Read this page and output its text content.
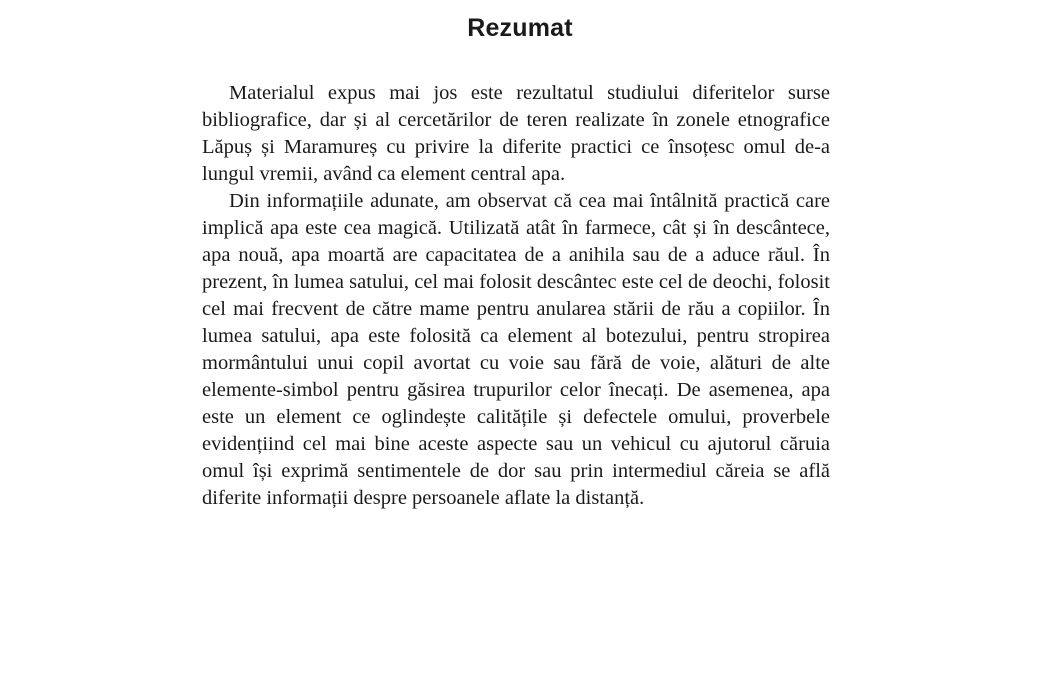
Rezumat

Materialul expus mai jos este rezultatul studiului diferitelor surse bibliografice, dar și al cercetărilor de teren realizate în zonele etnografice Lăpuș și Maramureș cu privire la diferite practici ce însoțesc omul de-a lungul vremii, având ca element central apa.

Din informațiile adunate, am observat că cea mai întâlnită practică care implică apa este cea magică. Utilizată atât în farmece, cât și în descântece, apa nouă, apa moartă are capacitatea de a anihila sau de a aduce răul. În prezent, în lumea satului, cel mai folosit descântec este cel de deochi, folosit cel mai frecvent de către mame pentru anularea stării de rău a copiilor. În lumea satului, apa este folosită ca element al botezului, pentru stropirea mormântului unui copil avortat cu voie sau fără de voie, alături de alte elemente-simbol pentru găsirea trupurilor celor înecați. De asemenea, apa este un element ce oglindește calitățile și defectele omului, proverbele evidențiind cel mai bine aceste aspecte sau un vehicul cu ajutorul căruia omul își exprimă sentimentele de dor sau prin intermediul căreia se află diferite informații despre persoanele aflate la distanță.
